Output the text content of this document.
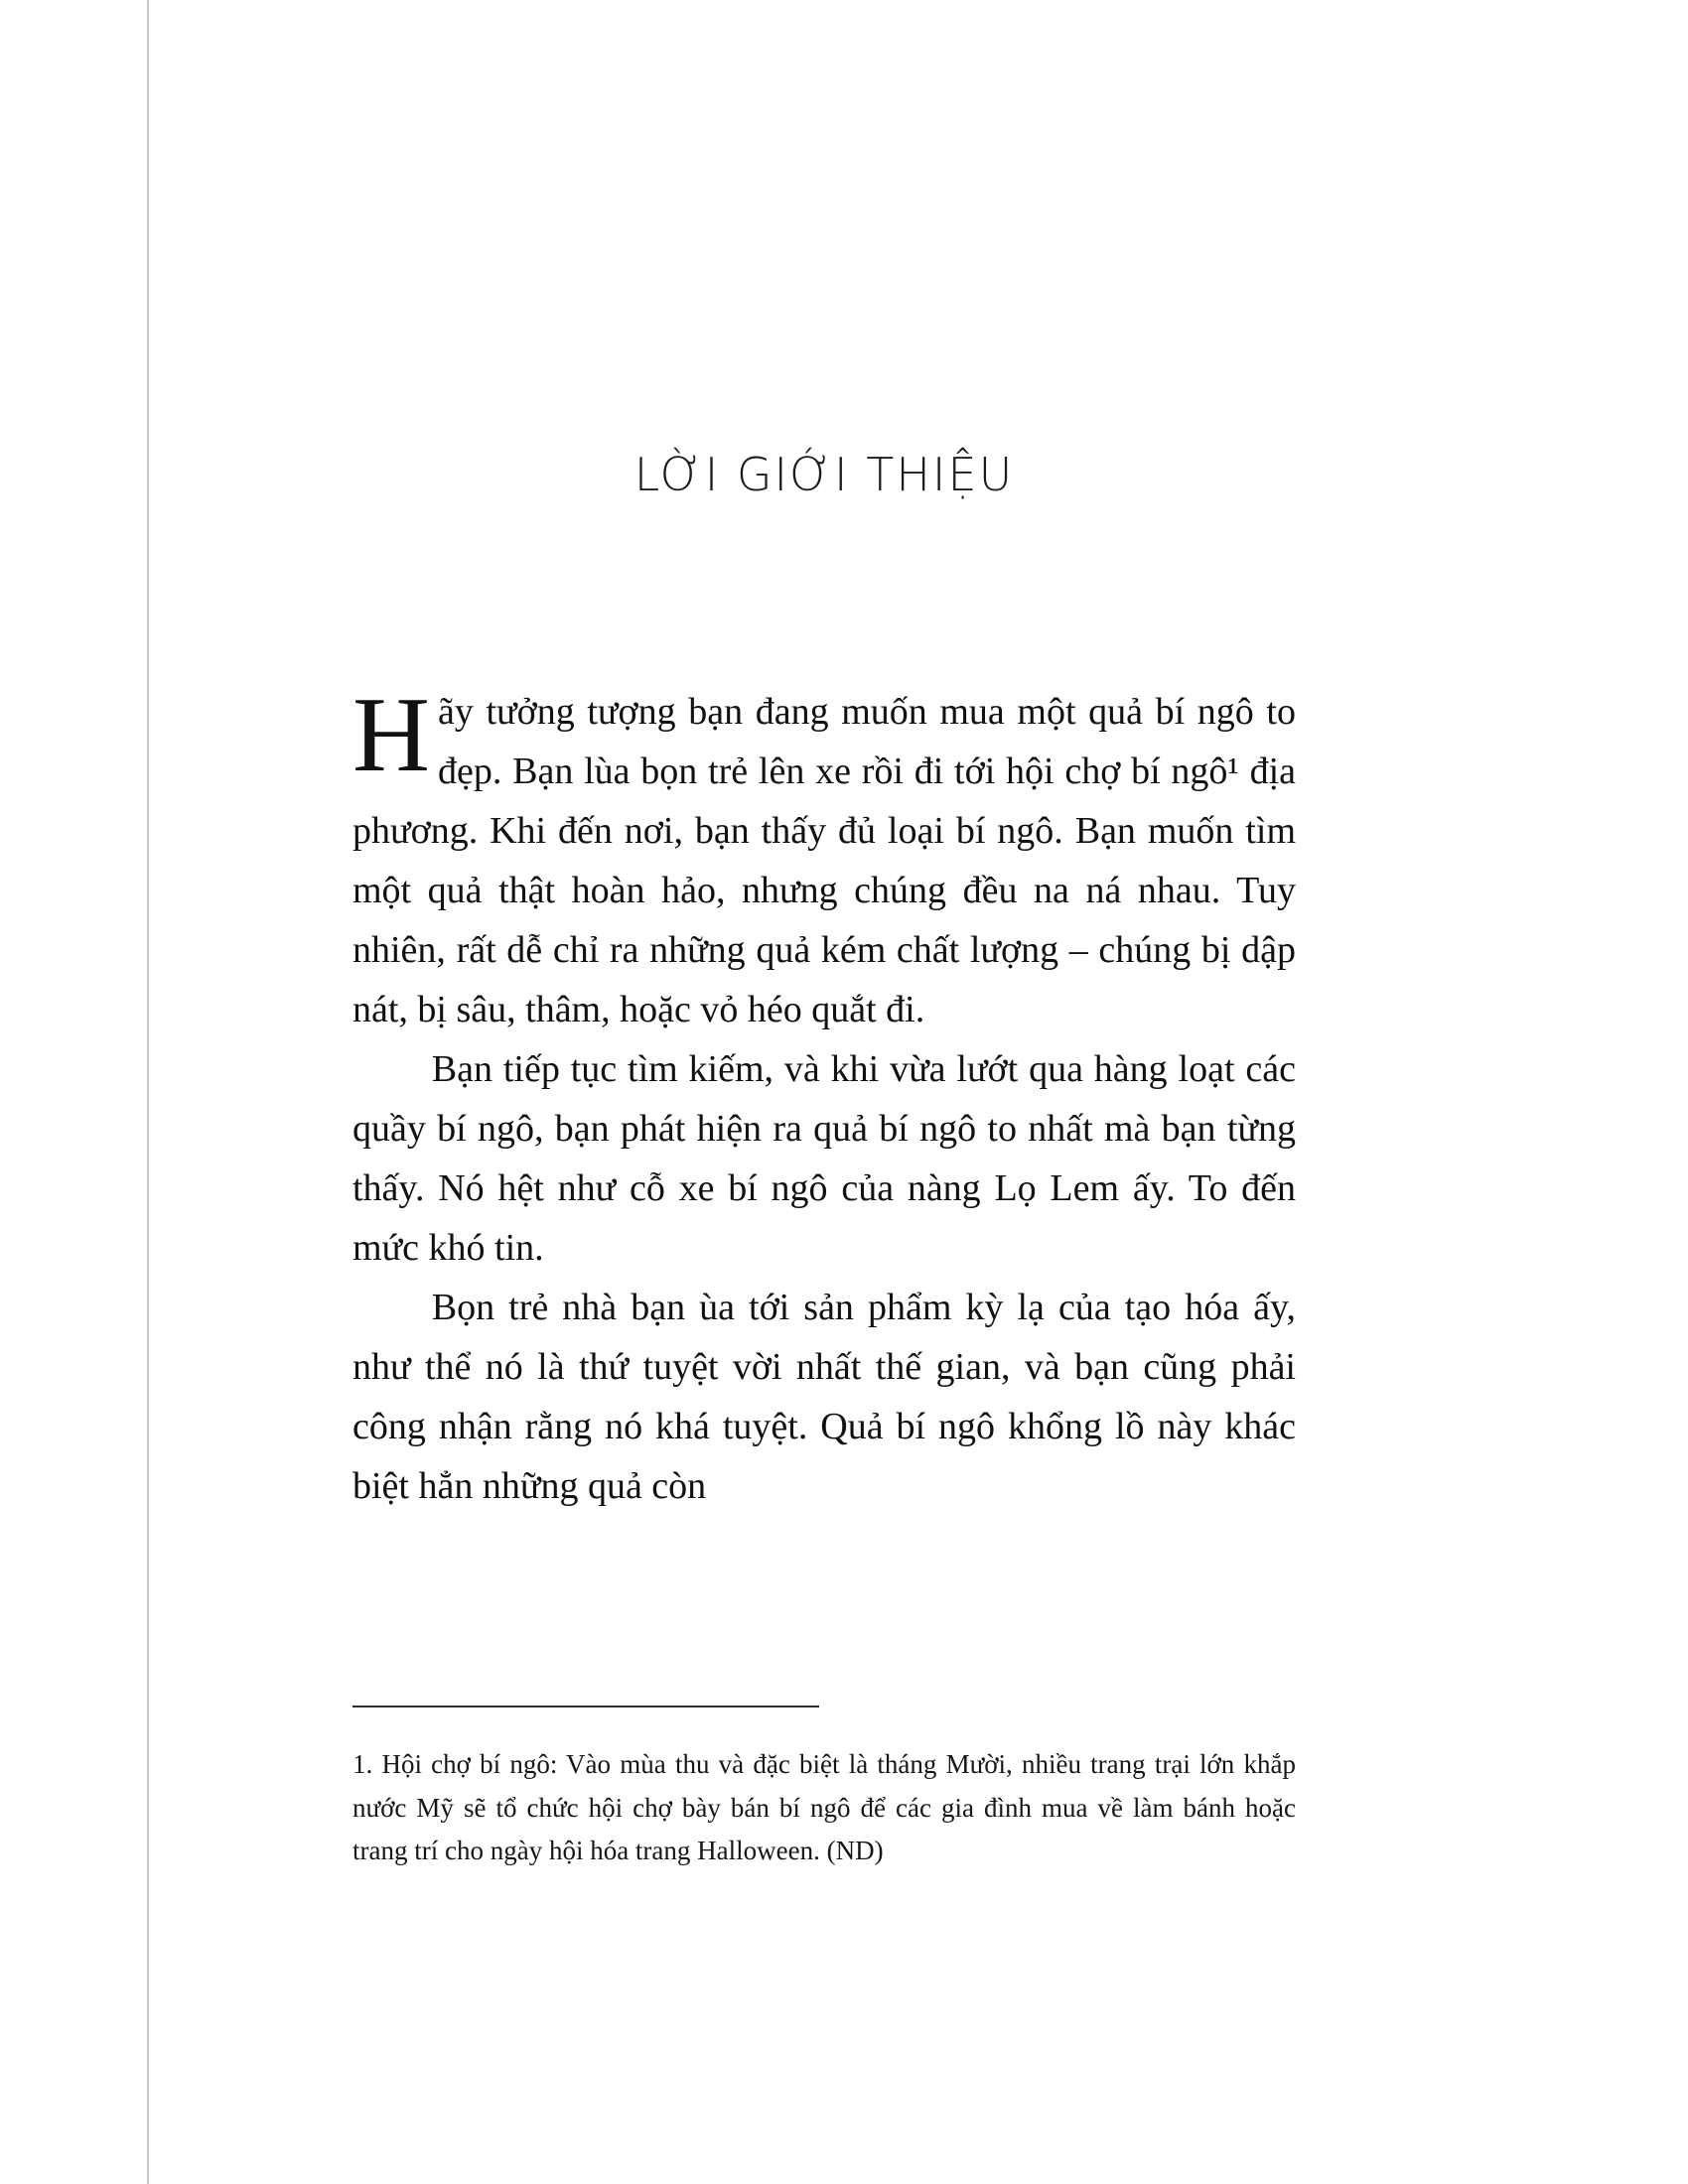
LỜI GIỚI THIỆU

Hãy tưởng tượng bạn đang muốn mua một quả bí ngô to đẹp. Bạn lùa bọn trẻ lên xe rồi đi tới hội chợ bí ngô¹ địa phương. Khi đến nơi, bạn thấy đủ loại bí ngô. Bạn muốn tìm một quả thật hoàn hảo, nhưng chúng đều na ná nhau. Tuy nhiên, rất dễ chỉ ra những quả kém chất lượng – chúng bị dập nát, bị sâu, thâm, hoặc vỏ héo quắt đi.

Bạn tiếp tục tìm kiếm, và khi vừa lướt qua hàng loạt các quầy bí ngô, bạn phát hiện ra quả bí ngô to nhất mà bạn từng thấy. Nó hệt như cỗ xe bí ngô của nàng Lọ Lem ấy. To đến mức khó tin.

Bọn trẻ nhà bạn ùa tới sản phẩm kỳ lạ của tạo hóa ấy, như thể nó là thứ tuyệt vời nhất thế gian, và bạn cũng phải công nhận rằng nó khá tuyệt. Quả bí ngô khổng lồ này khác biệt hẳn những quả còn

1. Hội chợ bí ngô: Vào mùa thu và đặc biệt là tháng Mười, nhiều trang trại lớn khắp nước Mỹ sẽ tổ chức hội chợ bày bán bí ngô để các gia đình mua về làm bánh hoặc trang trí cho ngày hội hóa trang Halloween. (ND)
